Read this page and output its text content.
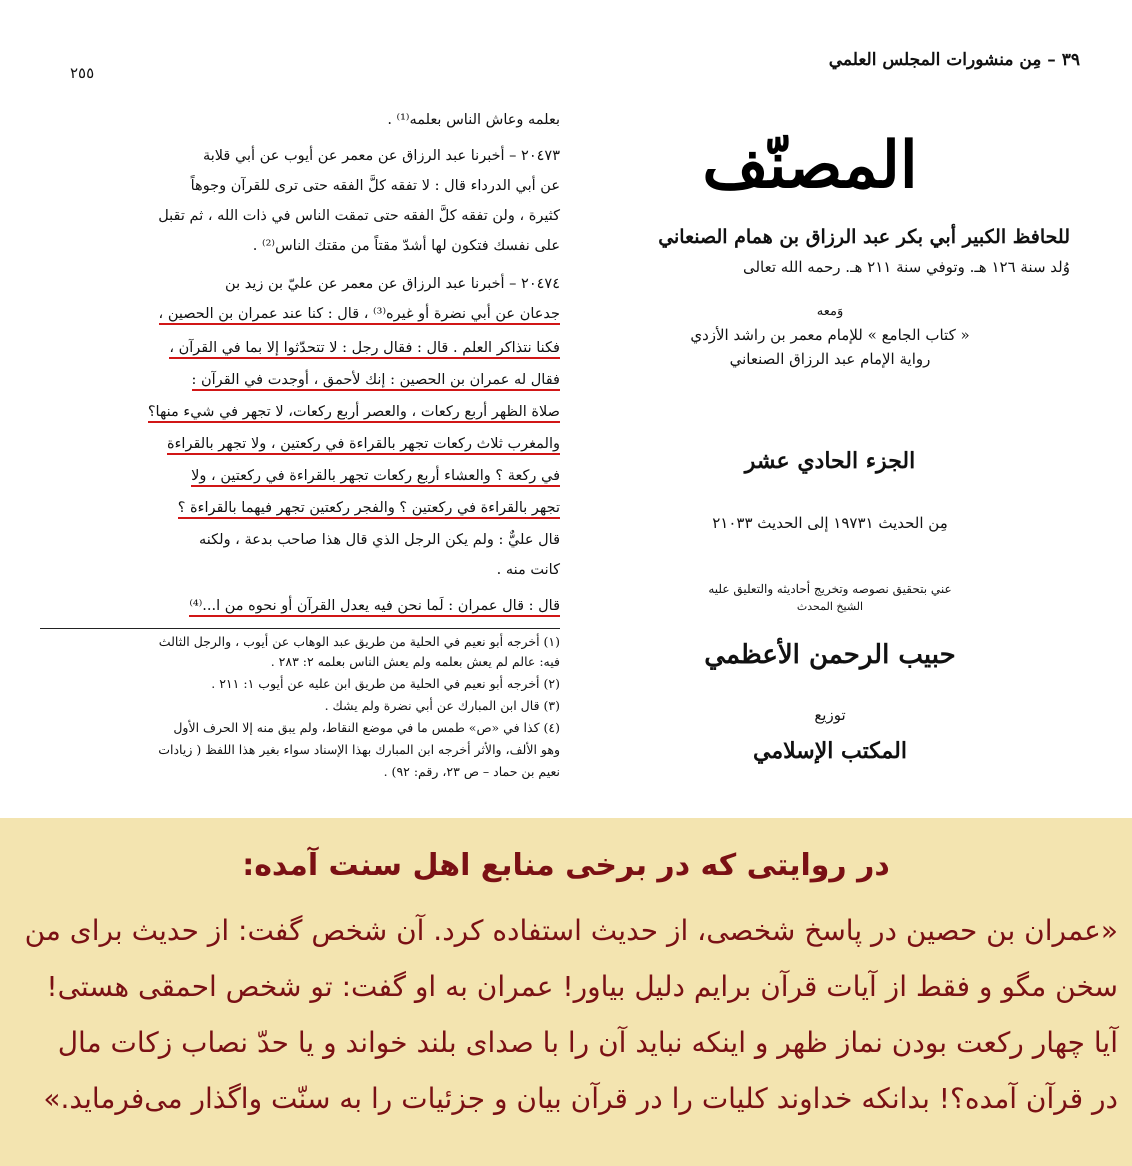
٢٥٥
بعلمه وعاش الناس بعلمه⁽¹⁾ .
٢٠٤٧٣ – أخبرنا عبد الرزاق عن معمر عن أيوب عن أبي قلابة
عن أبي الدرداء قال : لا تفقه كلَّ الفقه حتى ترى للقرآن وجوهاً
كثيرة ، ولن تفقه كلَّ الفقه حتى تمقت الناس في ذات الله ، ثم تقبل
على نفسك فتكون لها أشدّ مقتاً من مقتك الناس⁽²⁾ .
٢٠٤٧٤ – أخبرنا عبد الرزاق عن معمر عن عليّ بن زيد بن
جدعان عن أبي نضرة أو غيره⁽³⁾ ، قال : كنا عند عمران بن الحصين ،
فكنا نتذاكر العلم . قال : فقال رجل : لا تتحدّثوا إلا بما في القرآن ،
فقال له عمران بن الحصين : إنك لأحمق ، أوجدت في القرآن :
صلاة الظهر أربع ركعات ، والعصر أربع ركعات، لا تجهر في شيء منها؟
والمغرب ثلاث ركعات تجهر بالقراءة في ركعتين ، ولا تجهر بالقراءة
في ركعة ؟ والعشاء أربع ركعات تجهر بالقراءة في ركعتين ، ولا
تجهر بالقراءة في ركعتين ؟ والفجر ركعتين تجهر فيهما بالقراءة ؟
قال عليٌّ : ولم يكن الرجل الذي قال هذا صاحب بدعة ، ولكنه
كانت منه .
قال : قال عمران : لَما نحن فيه يعدل القرآن أو نحوه من ا...⁽⁴⁾
(١) أخرجه أبو نعيم في الحلية من طريق عبد الوهاب عن أيوب ، والرجل الثالث
فيه: عالم لم يعش بعلمه ولم يعش الناس بعلمه ٢: ٢٨٣ .
(٢) أخرجه أبو نعيم في الحلية من طريق ابن عليه عن أيوب ١: ٢١١ .
(٣) قال ابن المبارك عن أبي نضرة ولم يشك .
(٤) كذا في «ص» طمس ما في موضع النقاط، ولم يبق منه إلا الحرف الأول
وهو الألف، والأثر أخرجه ابن المبارك بهذا الإسناد سواء بغير هذا اللفظ ( زيادات
نعيم بن حماد – ص ٢٣، رقم: ٩٢) .
٣٩ – مِن منشورات المجلس العلمي
المصنّف
للحافظ الكبير أبي بكر عبد الرزاق بن همام الصنعاني
وُلد سنة ١٢٦ هـ. وتوفي سنة ٢١١ هـ. رحمه الله تعالى
وَمعه
« كتاب الجامع » للإمام معمر بن راشد الأزدي
رواية الإمام عبد الرزاق الصنعاني
الجزء الحادي عشر
مِن الحديث ١٩٧٣١ إلى الحديث ٢١٠٣٣
عني بتحقيق نصوصه وتخريج أحاديثه والتعليق عليه
الشيخ المحدث
حبيب الرحمن الأعظمي
توزيع
المكتب الإسلامي
در روایتی که در برخی منابع اهل سنت آمده:
«عمران بن حصین در پاسخ شخصی، از حدیث استفاده کرد. آن شخص گفت: از حدیث برای من
سخن مگو و فقط از آیات قرآن برایم دلیل بیاور! عمران به او گفت: تو شخص احمقی هستی!
آیا چهار رکعت بودن نماز ظهر و اینکه نباید آن را با صدای بلند خواند و یا حدّ نصاب زکات مال
در قرآن آمده؟! بدانکه خداوند کلیات را در قرآن بیان و جزئیات را به سنّت واگذار می‌فرماید.»
